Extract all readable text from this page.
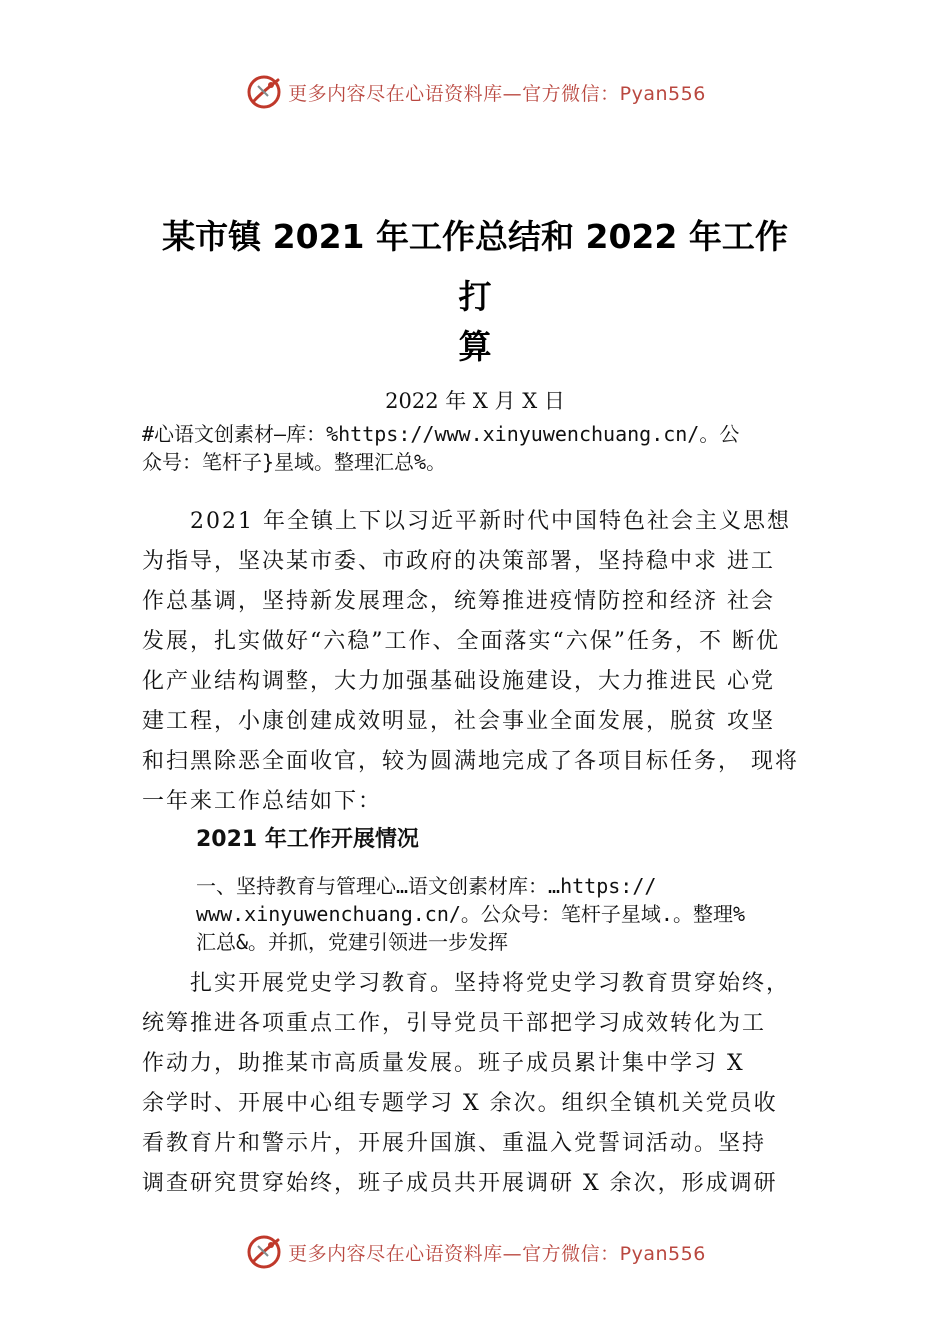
更多内容尽在心语资料库—官方微信：Pyan556
某市镇 2021 年工作总结和 2022 年工作
打
算
2022 年 X 月 X 日
#心语文创素材—库：%https://www.xinyuwenchuang.cn/。公
众号：笔杆子}星域。整理汇总%。
　　2021 年全镇上下以习近平新时代中国特色社会主义思想
为指导，坚决某市委、市政府的决策部署，坚持稳中求 进工
作总基调，坚持新发展理念，统筹推进疫情防控和经济 社会
发展，扎实做好“六稳”工作、全面落实“六保”任务，不 断优
化产业结构调整，大力加强基础设施建设，大力推进民 心党
建工程，小康创建成效明显，社会事业全面发展，脱贫 攻坚
和扫黑除恶全面收官，较为圆满地完成了各项目标任务， 现将
一年来工作总结如下：
2021 年工作开展情况
一、坚持教育与管理心…语文创素材库：…https://
www.xinyuwenchuang.cn/。公众号：笔杆子星域.。整理%
汇总&。并抓，党建引领进一步发挥
　　扎实开展党史学习教育。坚持将党史学习教育贯穿始终，
统筹推进各项重点工作，引导党员干部把学习成效转化为工
作动力，助推某市高质量发展。班子成员累计集中学习 X
余学时、开展中心组专题学习 X 余次。组织全镇机关党员收
看教育片和警示片，开展升国旗、重温入党誓词活动。坚持
调查研究贯穿始终，班子成员共开展调研 X 余次，形成调研
更多内容尽在心语资料库—官方微信：Pyan556
